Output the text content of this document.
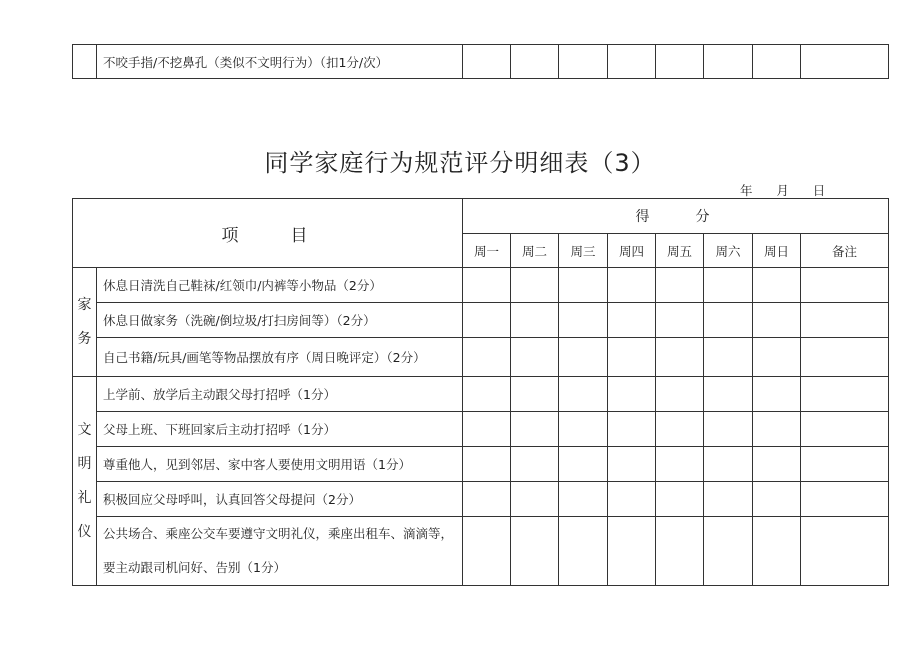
	不咬手指/不挖鼻孔（类似不文明行为）（扣1分/次）								
同学家庭行为规范评分明细表（3）
年 月 日
项　　目		得　　分							
		周一	周二	周三	周四	周五	周六	周日	备注

家
务	休息日清洗自己鞋袜/红领巾/内裤等小物品（2分）								
	休息日做家务（洗碗/倒垃圾/打扫房间等）（2分）								
	自己书籍/玩具/画笔等物品摆放有序（周日晚评定）（2分）								

文
明
礼
仪	上学前、放学后主动跟父母打招呼（1分）								
	父母上班、下班回家后主动打招呼（1分）								
	尊重他人，见到邻居、家中客人要使用文明用语（1分）								
	积极回应父母呼叫，认真回答父母提问（2分）								

	公共场合、乘座公交车要遵守文明礼仪，乘座出租车、滴滴等，
要主动跟司机问好、告别（1分）								
